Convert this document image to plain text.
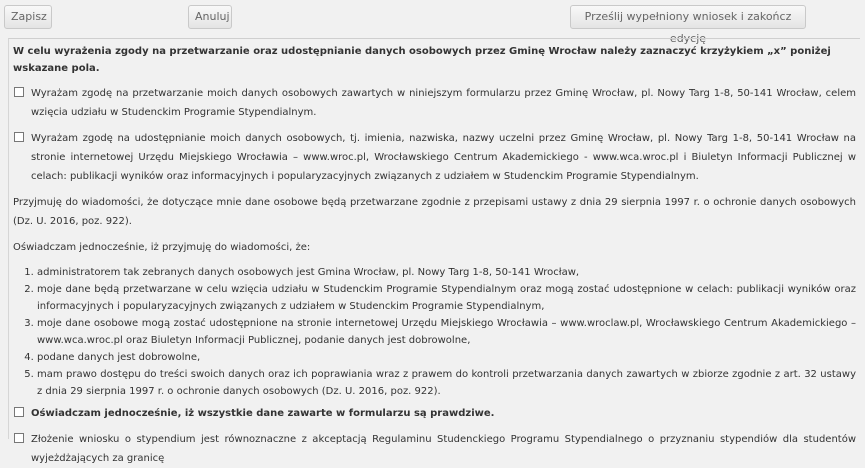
Zapisz	Anuluj	Prześlij wypełniony wniosek i zakończ edycję
W celu wyrażenia zgody na przetwarzanie oraz udostępnianie danych osobowych przez Gminę Wrocław należy zaznaczyć krzyżykiem „x” poniżej wskazane pola.
Wyrażam zgodę na przetwarzanie moich danych osobowych zawartych w niniejszym formularzu przez Gminę Wrocław, pl. Nowy Targ 1-8, 50-141 Wrocław, celem wzięcia udziału w Studenckim Programie Stypendialnym.
Wyrażam zgodę na udostępnianie moich danych osobowych, tj. imienia, nazwiska, nazwy uczelni przez Gminę Wrocław, pl. Nowy Targ 1-8, 50-141 Wrocław na stronie internetowej Urzędu Miejskiego Wrocławia – www.wroc.pl, Wrocławskiego Centrum Akademickiego - www.wca.wroc.pl i Biuletyn Informacji Publicznej w celach: publikacji wyników oraz informacyjnych i popularyzacyjnych związanych z udziałem w Studenckim Programie Stypendialnym.
Przyjmuję do wiadomości, że dotyczące mnie dane osobowe będą przetwarzane zgodnie z przepisami ustawy z dnia 29 sierpnia 1997 r. o ochronie danych osobowych (Dz. U. 2016, poz. 922).
Oświadczam jednocześnie, iż przyjmuję do wiadomości, że:
1. administratorem tak zebranych danych osobowych jest Gmina Wrocław, pl. Nowy Targ 1-8, 50-141 Wrocław,
2. moje dane będą przetwarzane w celu wzięcia udziału w Studenckim Programie Stypendialnym oraz mogą zostać udostępnione w celach: publikacji wyników oraz informacyjnych i popularyzacyjnych związanych z udziałem w Studenckim Programie Stypendialnym,
3. moje dane osobowe mogą zostać udostępnione na stronie internetowej Urzędu Miejskiego Wrocławia – www.wroclaw.pl, Wrocławskiego Centrum Akademickiego – www.wca.wroc.pl oraz Biuletyn Informacji Publicznej, podanie danych jest dobrowolne,
4. podane danych jest dobrowolne,
5. mam prawo dostępu do treści swoich danych oraz ich poprawiania wraz z prawem do kontroli przetwarzania danych zawartych w zbiorze zgodnie z art. 32 ustawy z dnia 29 sierpnia 1997 r. o ochronie danych osobowych (Dz. U. 2016, poz. 922).
Oświadczam jednocześnie, iż wszystkie dane zawarte w formularzu są prawdziwe.
Złożenie wniosku o stypendium jest równoznaczne z akceptacją Regulaminu Studenckiego Programu Stypendialnego o przyznaniu stypendiów dla studentów wyjeżdżających za granicę
